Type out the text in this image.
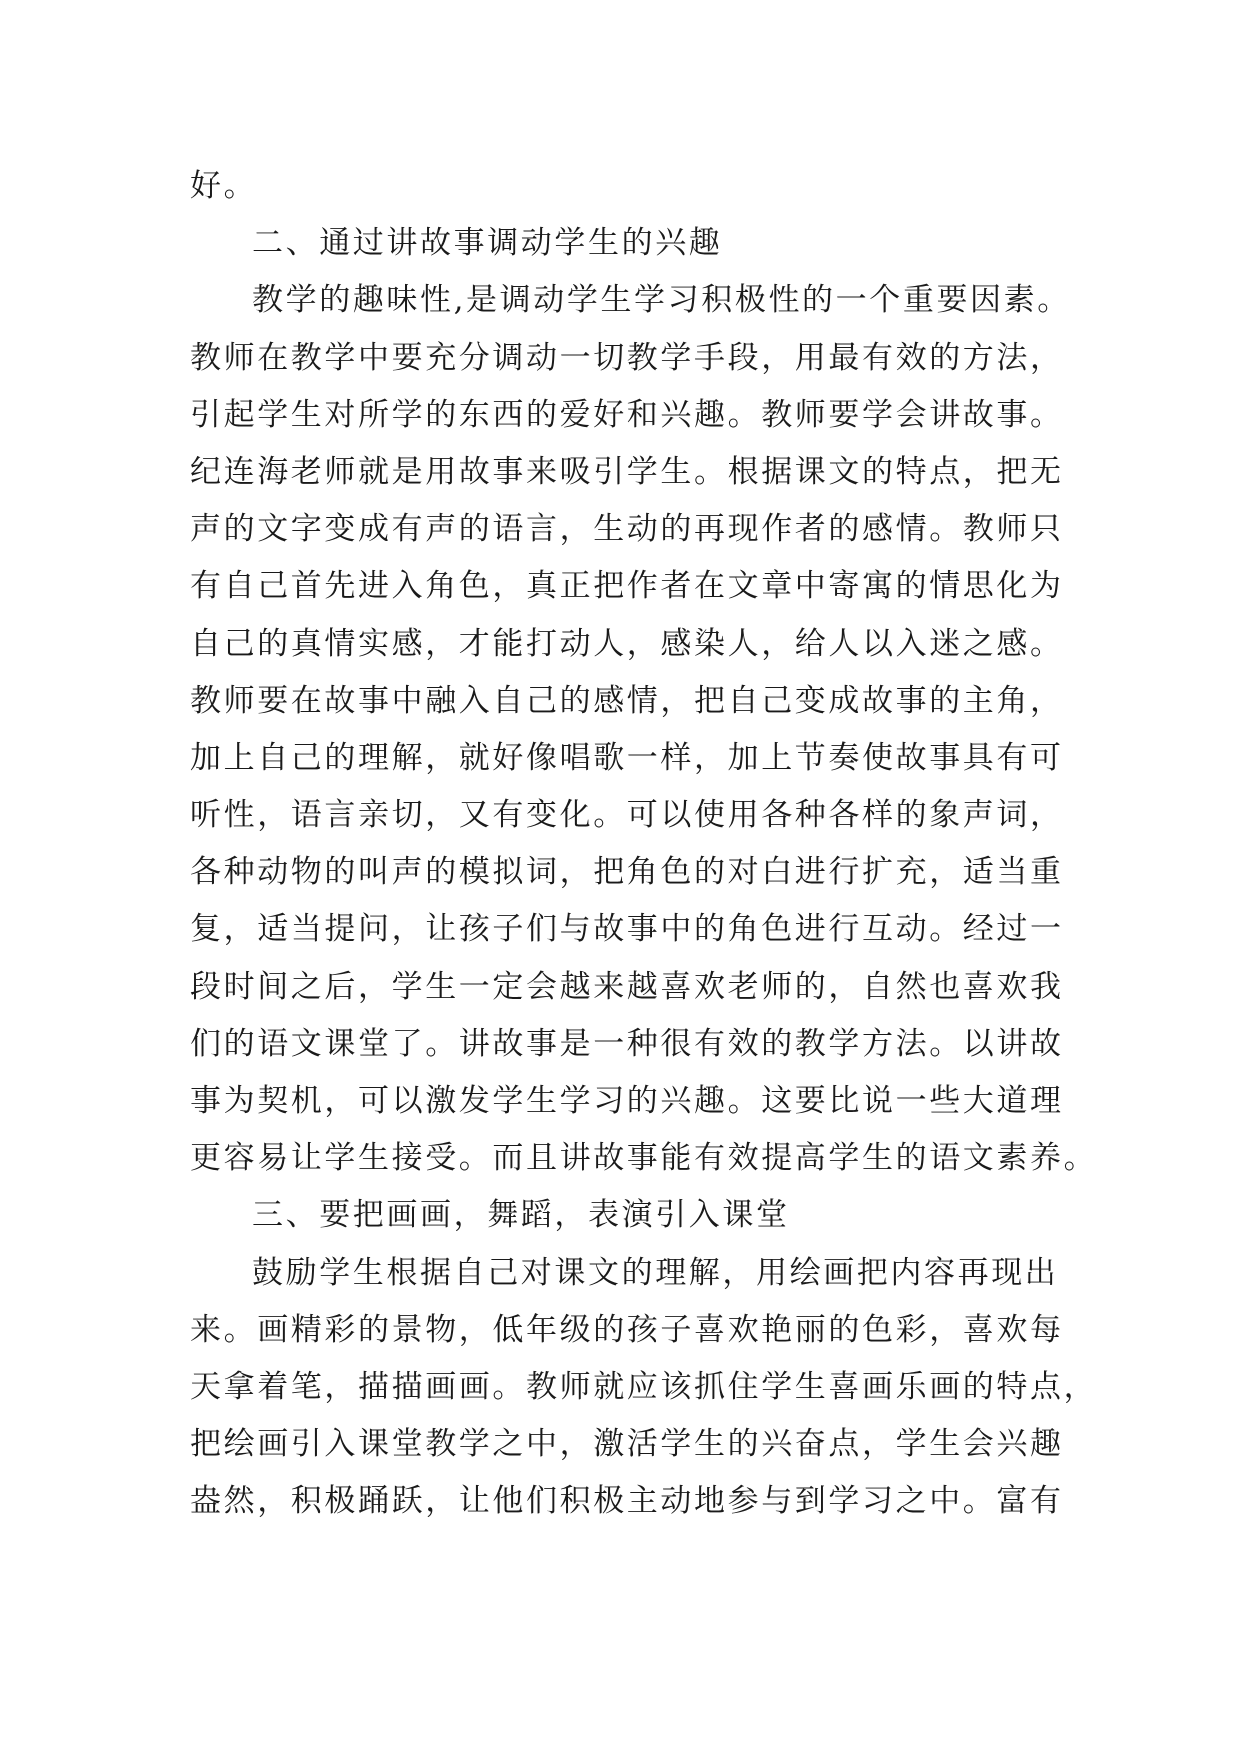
好。
二、通过讲故事调动学生的兴趣
教学的趣味性,是调动学生学习积极性的一个重要因素。
教师在教学中要充分调动一切教学手段，用最有效的方法，
引起学生对所学的东西的爱好和兴趣。教师要学会讲故事。
纪连海老师就是用故事来吸引学生。根据课文的特点，把无
声的文字变成有声的语言，生动的再现作者的感情。教师只
有自己首先进入角色，真正把作者在文章中寄寓的情思化为
自己的真情实感，才能打动人，感染人，给人以入迷之感。
教师要在故事中融入自己的感情，把自己变成故事的主角，
加上自己的理解，就好像唱歌一样，加上节奏使故事具有可
听性，语言亲切，又有变化。可以使用各种各样的象声词，
各种动物的叫声的模拟词，把角色的对白进行扩充，适当重
复，适当提问，让孩子们与故事中的角色进行互动。经过一
段时间之后，学生一定会越来越喜欢老师的，自然也喜欢我
们的语文课堂了。讲故事是一种很有效的教学方法。以讲故
事为契机，可以激发学生学习的兴趣。这要比说一些大道理
更容易让学生接受。而且讲故事能有效提高学生的语文素养。
三、要把画画，舞蹈，表演引入课堂
鼓励学生根据自己对课文的理解，用绘画把内容再现出
来。画精彩的景物，低年级的孩子喜欢艳丽的色彩，喜欢每
天拿着笔，描描画画。教师就应该抓住学生喜画乐画的特点，
把绘画引入课堂教学之中，激活学生的兴奋点，学生会兴趣
盎然，积极踊跃，让他们积极主动地参与到学习之中。富有
